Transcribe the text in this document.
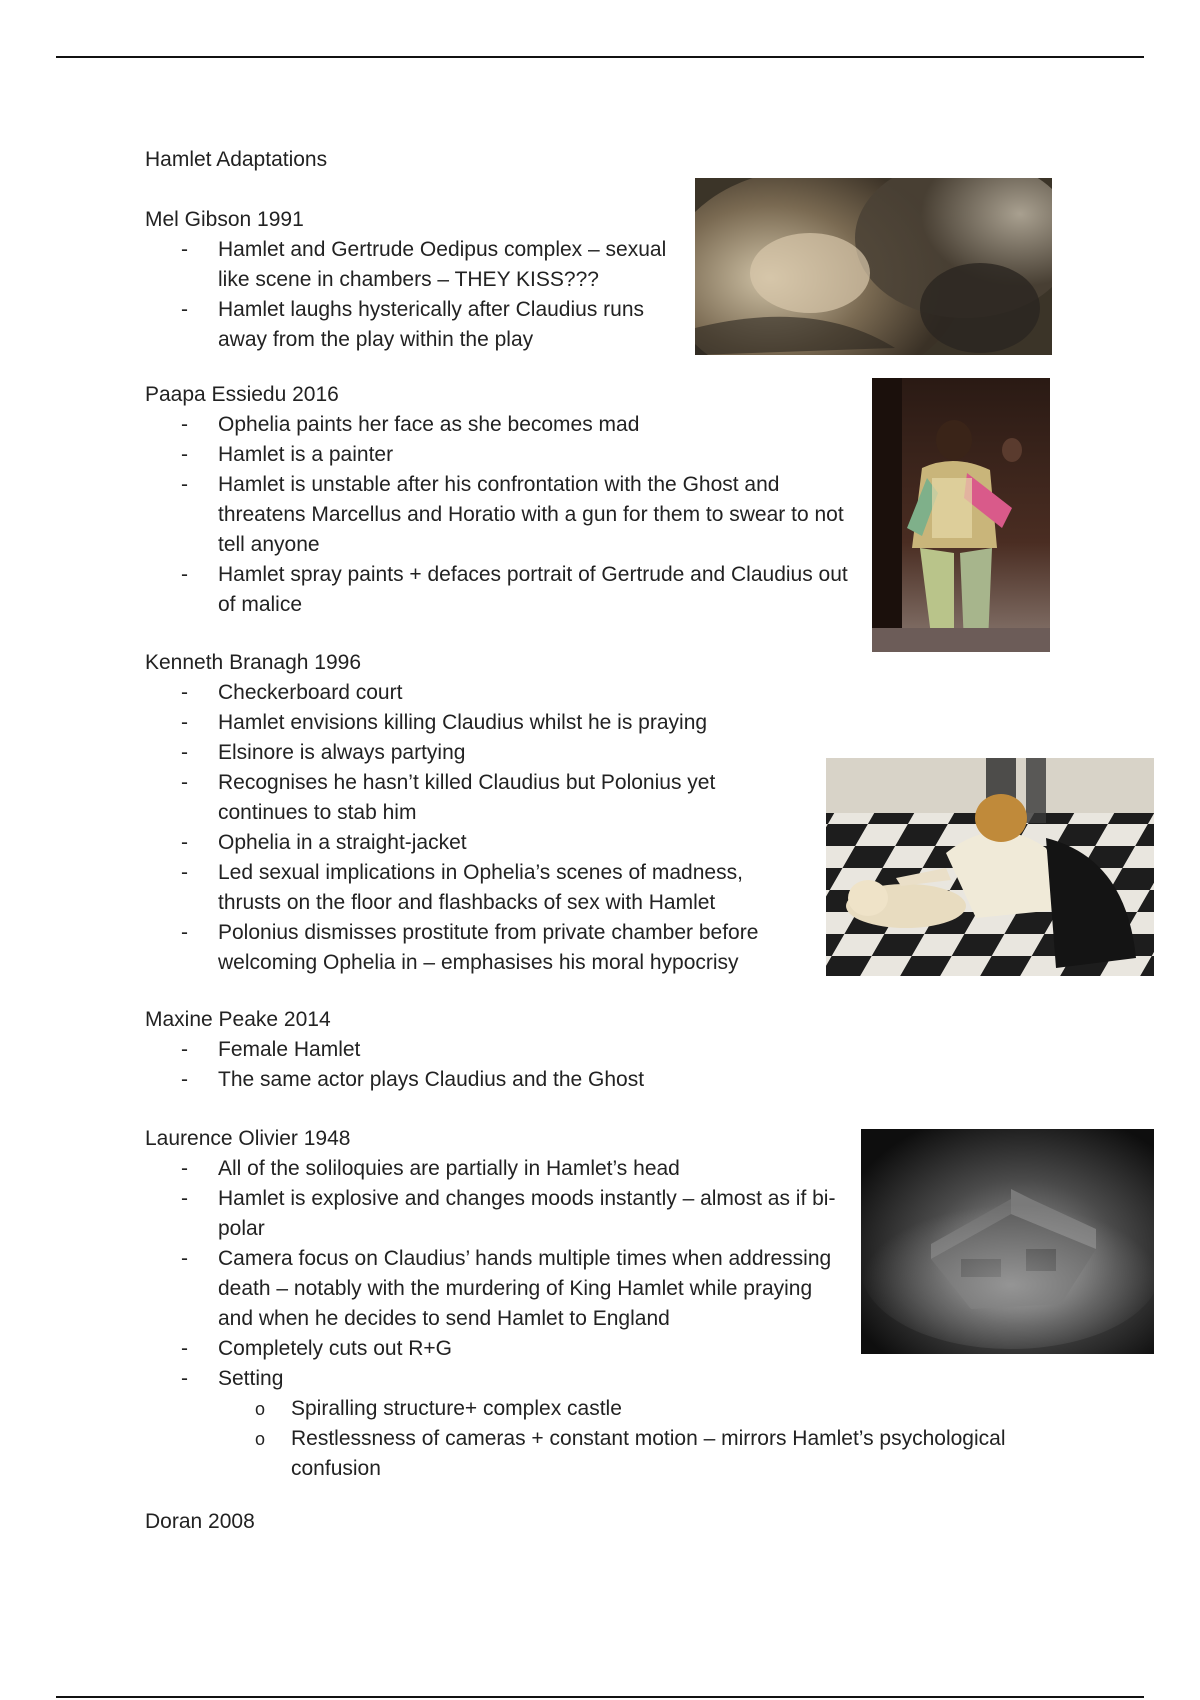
Hamlet Adaptations
Mel Gibson 1991
- Hamlet and Gertrude Oedipus complex – sexual like scene in chambers – THEY KISS???
- Hamlet laughs hysterically after Claudius runs away from the play within the play
Paapa Essiedu 2016
- Ophelia paints her face as she becomes mad
- Hamlet is a painter
- Hamlet is unstable after his confrontation with the Ghost and threatens Marcellus and Horatio with a gun for them to swear to not tell anyone
- Hamlet spray paints + defaces portrait of Gertrude and Claudius out of malice
Kenneth Branagh 1996
- Checkerboard court
- Hamlet envisions killing Claudius whilst he is praying
- Elsinore is always partying
- Recognises he hasn’t killed Claudius but Polonius yet continues to stab him
- Ophelia in a straight-jacket
- Led sexual implications in Ophelia’s scenes of madness, thrusts on the floor and flashbacks of sex with Hamlet
- Polonius dismisses prostitute from private chamber before welcoming Ophelia in – emphasises his moral hypocrisy
Maxine Peake 2014
- Female Hamlet
- The same actor plays Claudius and the Ghost
Laurence Olivier 1948
- All of the soliloquies are partially in Hamlet’s head
- Hamlet is explosive and changes moods instantly – almost as if bi-polar
- Camera focus on Claudius’ hands multiple times when addressing death – notably with the murdering of King Hamlet while praying and when he decides to send Hamlet to England
- Completely cuts out R+G
- Setting
o Spiralling structure+ complex castle
o Restlessness of cameras + constant motion – mirrors Hamlet’s psychological confusion
Doran 2008
